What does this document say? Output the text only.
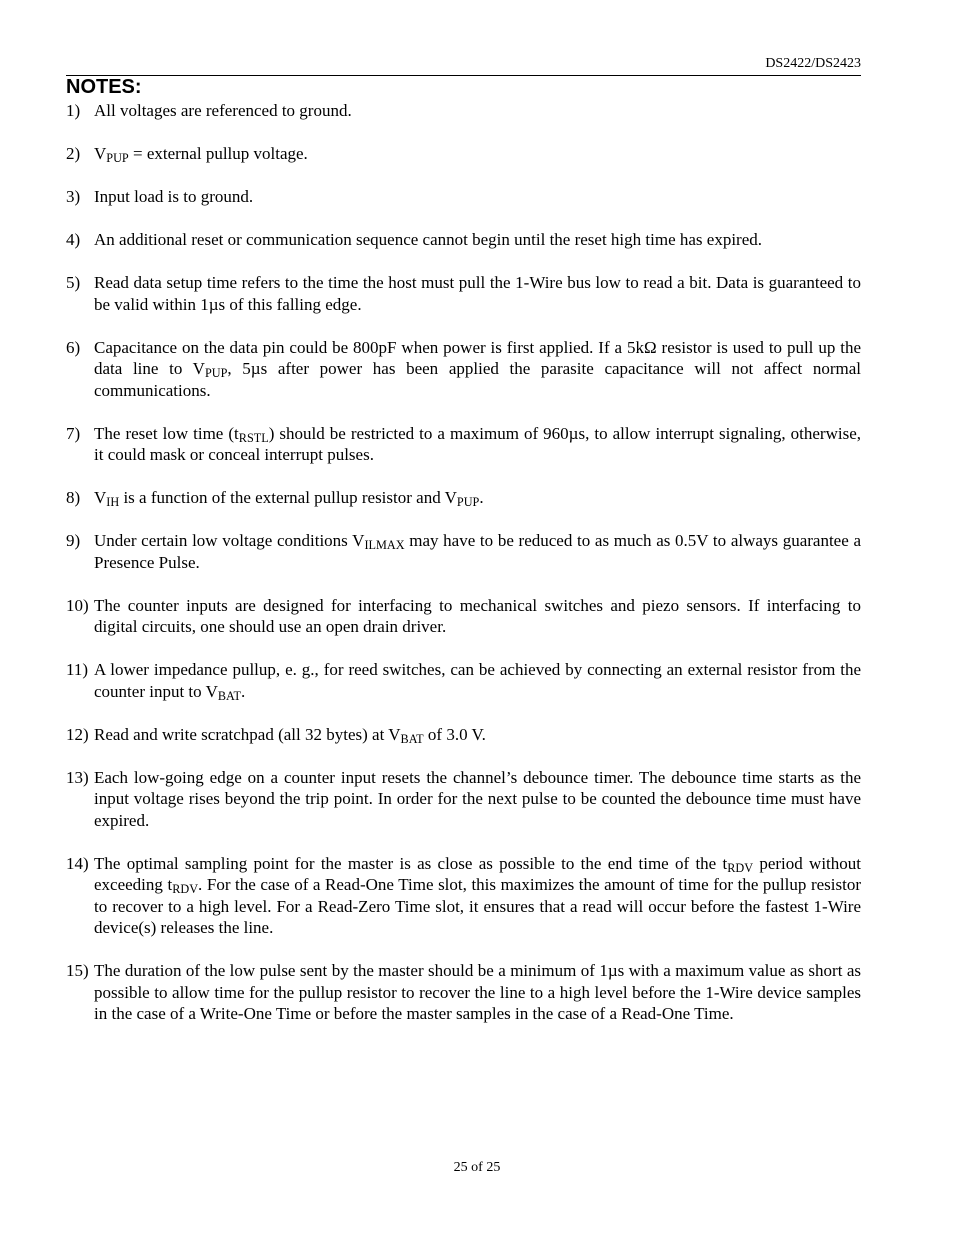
DS2422/DS2423
NOTES:
1) All voltages are referenced to ground.
2) $V_{PUP}$ = external pullup voltage.
3) Input load is to ground.
4) An additional reset or communication sequence cannot begin until the reset high time has expired.
5) Read data setup time refers to the time the host must pull the 1-Wire bus low to read a bit. Data is guaranteed to be valid within 1µs of this falling edge.
6) Capacitance on the data pin could be 800pF when power is first applied. If a 5kΩ resistor is used to pull up the data line to $V_{PUP}$, 5µs after power has been applied the parasite capacitance will not affect normal communications.
7) The reset low time $(t_{RSTL})$ should be restricted to a maximum of 960µs, to allow interrupt signaling, otherwise, it could mask or conceal interrupt pulses.
8) $V_{IH}$ is a function of the external pullup resistor and $V_{PUP}$.
9) Under certain low voltage conditions $V_{ILMAX}$ may have to be reduced to as much as 0.5V to always guarantee a Presence Pulse.
10) The counter inputs are designed for interfacing to mechanical switches and piezo sensors. If interfacing to digital circuits, one should use an open drain driver.
11) A lower impedance pullup, e. g., for reed switches, can be achieved by connecting an external resistor from the counter input to $V_{BAT}$.
12) Read and write scratchpad (all 32 bytes) at $V_{BAT}$ of 3.0 V.
13) Each low-going edge on a counter input resets the channel’s debounce timer. The debounce time starts as the input voltage rises beyond the trip point. In order for the next pulse to be counted the debounce time must have expired.
14) The optimal sampling point for the master is as close as possible to the end time of the $t_{RDV}$ period without exceeding $t_{RDV}$. For the case of a Read-One Time slot, this maximizes the amount of time for the pullup resistor to recover to a high level. For a Read-Zero Time slot, it ensures that a read will occur before the fastest 1-Wire device(s) releases the line.
15) The duration of the low pulse sent by the master should be a minimum of 1µs with a maximum value as short as possible to allow time for the pullup resistor to recover the line to a high level before the 1-Wire device samples in the case of a Write-One Time or before the master samples in the case of a Read-One Time.
25 of 25
